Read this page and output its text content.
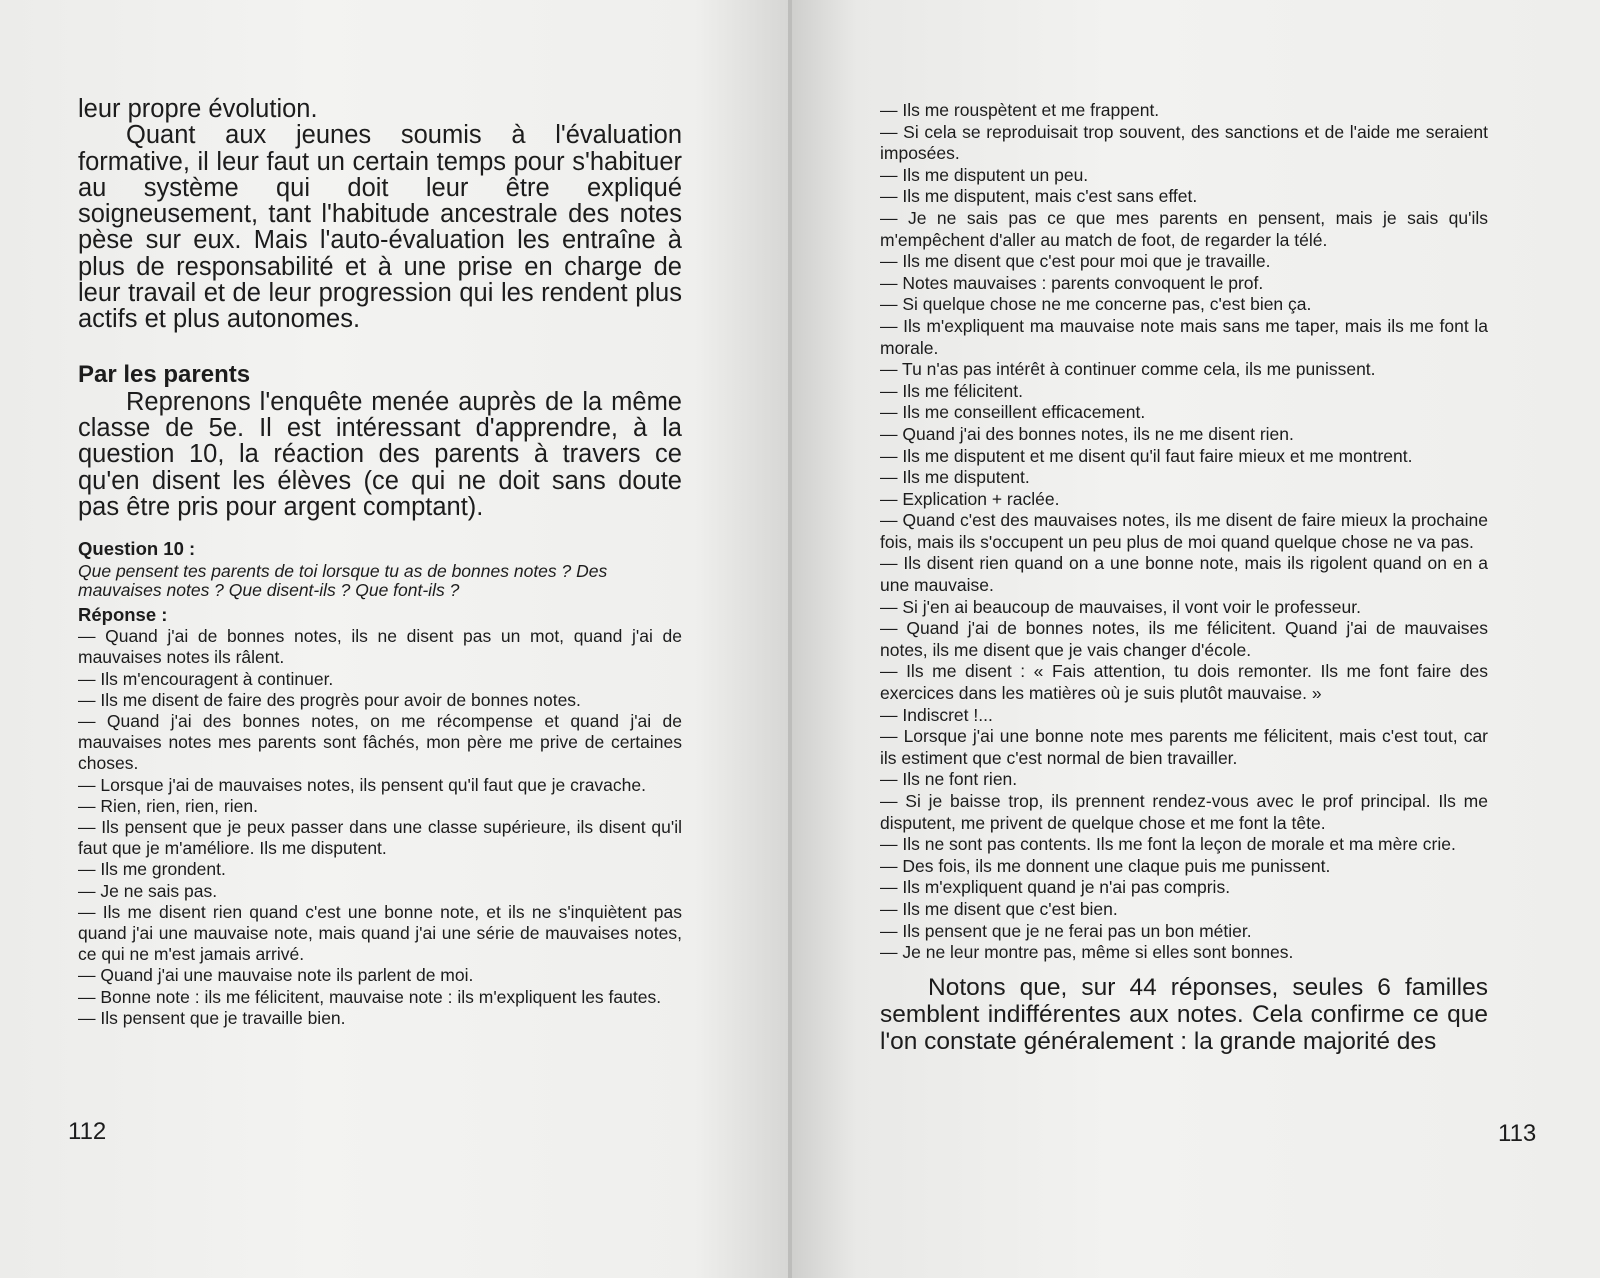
leur propre évolution.

Quant aux jeunes soumis à l'évaluation formative, il leur faut un certain temps pour s'habituer au système qui doit leur être expliqué soigneusement, tant l'habitude ancestrale des notes pèse sur eux. Mais l'auto-évaluation les entraîne à plus de responsabilité et à une prise en charge de leur travail et de leur progression qui les rendent plus actifs et plus autonomes.

Par les parents

Reprenons l'enquête menée auprès de la même classe de 5e. Il est intéressant d'apprendre, à la question 10, la réaction des parents à travers ce qu'en disent les élèves (ce qui ne doit sans doute pas être pris pour argent comptant).

Question 10 :

Que pensent tes parents de toi lorsque tu as de bonnes notes ? Des mauvaises notes ? Que disent-ils ? Que font-ils ?

Réponse :

— Quand j'ai de bonnes notes, ils ne disent pas un mot, quand j'ai de mauvaises notes ils râlent.
— Ils m'encouragent à continuer.
— Ils me disent de faire des progrès pour avoir de bonnes notes.
— Quand j'ai des bonnes notes, on me récompense et quand j'ai de mauvaises notes mes parents sont fâchés, mon père me prive de certaines choses.
— Lorsque j'ai de mauvaises notes, ils pensent qu'il faut que je cravache.
— Rien, rien, rien, rien.
— Ils pensent que je peux passer dans une classe supérieure, ils disent qu'il faut que je m'améliore. Ils me disputent.
— Ils me grondent.
— Je ne sais pas.
— Ils me disent rien quand c'est une bonne note, et ils ne s'inquiètent pas quand j'ai une mauvaise note, mais quand j'ai une série de mauvaises notes, ce qui ne m'est jamais arrivé.
— Quand j'ai une mauvaise note ils parlent de moi.
— Bonne note : ils me félicitent, mauvaise note : ils m'expliquent les fautes.
— Ils pensent que je travaille bien.
112
— Ils me rouspètent et me frappent.
— Si cela se reproduisait trop souvent, des sanctions et de l'aide me seraient imposées.
— Ils me disputent un peu.
— Ils me disputent, mais c'est sans effet.
— Je ne sais pas ce que mes parents en pensent, mais je sais qu'ils m'empêchent d'aller au match de foot, de regarder la télé.
— Ils me disent que c'est pour moi que je travaille.
— Notes mauvaises : parents convoquent le prof.
— Si quelque chose ne me concerne pas, c'est bien ça.
— Ils m'expliquent ma mauvaise note mais sans me taper, mais ils me font la morale.
— Tu n'as pas intérêt à continuer comme cela, ils me punissent.
— Ils me félicitent.
— Ils me conseillent efficacement.
— Quand j'ai des bonnes notes, ils ne me disent rien.
— Ils me disputent et me disent qu'il faut faire mieux et me montrent.
— Ils me disputent.
— Explication + raclée.
— Quand c'est des mauvaises notes, ils me disent de faire mieux la prochaine fois, mais ils s'occupent un peu plus de moi quand quelque chose ne va pas.
— Ils disent rien quand on a une bonne note, mais ils rigolent quand on en a une mauvaise.
— Si j'en ai beaucoup de mauvaises, il vont voir le professeur.
— Quand j'ai de bonnes notes, ils me félicitent. Quand j'ai de mauvaises notes, ils me disent que je vais changer d'école.
— Ils me disent : « Fais attention, tu dois remonter. Ils me font faire des exercices dans les matières où je suis plutôt mauvaise. »
— Indiscret !...
— Lorsque j'ai une bonne note mes parents me félicitent, mais c'est tout, car ils estiment que c'est normal de bien travailler.
— Ils ne font rien.
— Si je baisse trop, ils prennent rendez-vous avec le prof principal. Ils me disputent, me privent de quelque chose et me font la tête.
— Ils ne sont pas contents. Ils me font la leçon de morale et ma mère crie.
— Des fois, ils me donnent une claque puis me punissent.
— Ils m'expliquent quand je n'ai pas compris.
— Ils me disent que c'est bien.
— Ils pensent que je ne ferai pas un bon métier.
— Je ne leur montre pas, même si elles sont bonnes.

Notons que, sur 44 réponses, seules 6 familles semblent indifférentes aux notes. Cela confirme ce que l'on constate généralement : la grande majorité des

113
